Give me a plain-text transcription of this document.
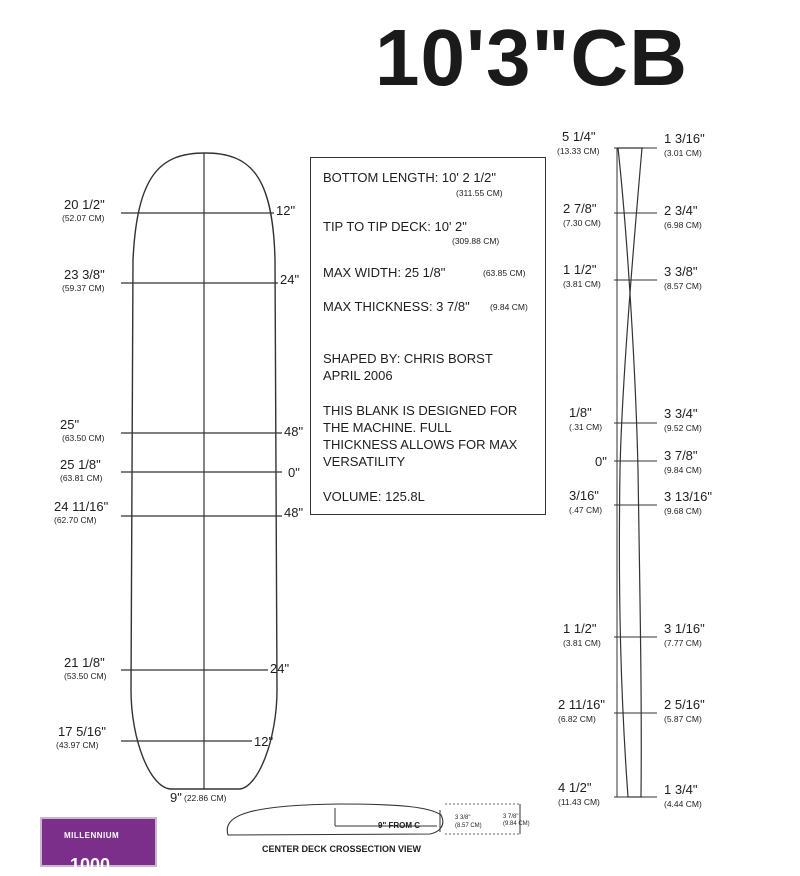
10'3"CB
20 1/2"
(52.07 CM)
23 3/8"
(59.37 CM)
25"
(63.50 CM)
25 1/8"
(63.81 CM)
24 11/16"
(62.70 CM)
21 1/8"
(53.50 CM)
17 5/16"
(43.97 CM)
12"
24"
48"
0"
48"
24"
12"
9" (22.86 CM)
BOTTOM LENGTH: 10' 2 1/2"
(311.55 CM)
TIP TO TIP DECK: 10' 2"
(309.88 CM)
MAX WIDTH: 25 1/8"	(63.85 CM)
MAX THICKNESS: 3 7/8" (9.84 CM)
SHAPED BY: CHRIS BORST
APRIL 2006
THIS BLANK IS DESIGNED FOR
THE MACHINE. FULL
THICKNESS ALLOWS FOR MAX
VERSATILITY
VOLUME: 125.8L
5 1/4"
(13.33 CM)
2 7/8"
(7.30 CM)
1 1/2"
(3.81 CM)
1/8"
(.31 CM)
0"
3/16"
(.47 CM)
1 1/2"
(3.81 CM)
2 11/16"
(6.82 CM)
4 1/2"
(11.43 CM)
1 3/16"
(3.01 CM)
2 3/4"
(6.98 CM)
3 3/8"
(8.57 CM)
3 3/4"
(9.52 CM)
3 7/8"
(9.84 CM)
3 13/16"
(9.68 CM)
3 1/16"
(7.77 CM)
2 5/16"
(5.87 CM)
1 3/4"
(4.44 CM)
9" FROM C
3 3/8"
(8.57 CM)
3 7/8"
(9.84 CM)
CENTER DECK CROSSECTION VIEW
MILLENNIUM
1000
